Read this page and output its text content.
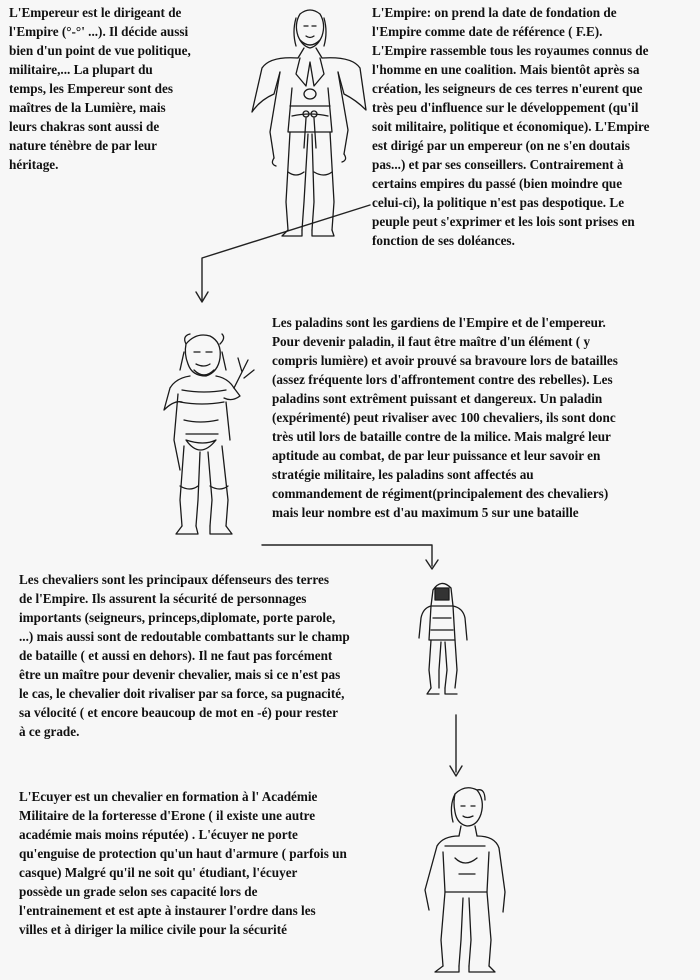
L'Empereur est le dirigeant de
l'Empire (°-°' ...). Il décide aussi
bien d'un point de vue politique,
militaire,... La plupart du
temps, les Empereur sont des
maîtres de la Lumière, mais
leurs chakras sont aussi de
nature ténèbre de par leur
héritage.
L'Empire: on prend la date de fondation de
l'Empire comme date de référence ( F.E).
L'Empire rassemble tous les royaumes connus de
l'homme en une coalition. Mais bientôt après sa
création, les seigneurs de ces terres n'eurent que
très peu d'influence sur le développement (qu'il
soit militaire, politique et économique). L'Empire
est dirigé par un empereur (on ne s'en doutais
pas...) et par ses conseillers. Contrairement à
certains empires du passé (bien moindre que
celui-ci), la politique n'est pas despotique. Le
peuple peut s'exprimer et les lois sont prises en
fonction de ses doléances.
Les paladins sont les gardiens de l'Empire et de l'empereur.
Pour devenir paladin, il faut être maître d'un élément ( y
compris lumière) et avoir prouvé sa bravoure lors de batailles
(assez fréquente lors d'affrontement contre des rebelles). Les
paladins sont extrêment puissant et dangereux. Un paladin
(expérimenté) peut rivaliser avec 100 chevaliers, ils sont donc
très util lors de bataille contre de la milice. Mais malgré leur
aptitude au combat, de par leur puissance et leur savoir en
stratégie militaire, les paladins sont affectés au
commandement de régiment(principalement des chevaliers)
mais leur nombre est d'au maximum 5 sur une bataille
Les chevaliers sont les principaux défenseurs des terres
de l'Empire. Ils assurent la sécurité de personnages
importants (seigneurs, princeps,diplomate, porte parole,
...) mais aussi sont de redoutable combattants sur le champ
de bataille ( et aussi en dehors). Il ne faut pas forcément
être un maître pour devenir chevalier, mais si ce n'est pas
le cas, le chevalier doit rivaliser par sa force, sa pugnacité,
sa vélocité ( et encore beaucoup de mot en -é) pour rester
à ce grade.
L'Ecuyer est un chevalier en formation à l' Académie
Militaire de la forteresse d'Erone ( il existe une autre
académie mais moins réputée) . L'écuyer ne porte
qu'enguise de protection qu'un haut d'armure ( parfois un
casque) Malgré qu'il ne soit qu' étudiant, l'écuyer
possède un grade selon ses capacité lors de
l'entrainement et est apte à instaurer l'ordre dans les
villes et à diriger la milice civile pour la sécurité
